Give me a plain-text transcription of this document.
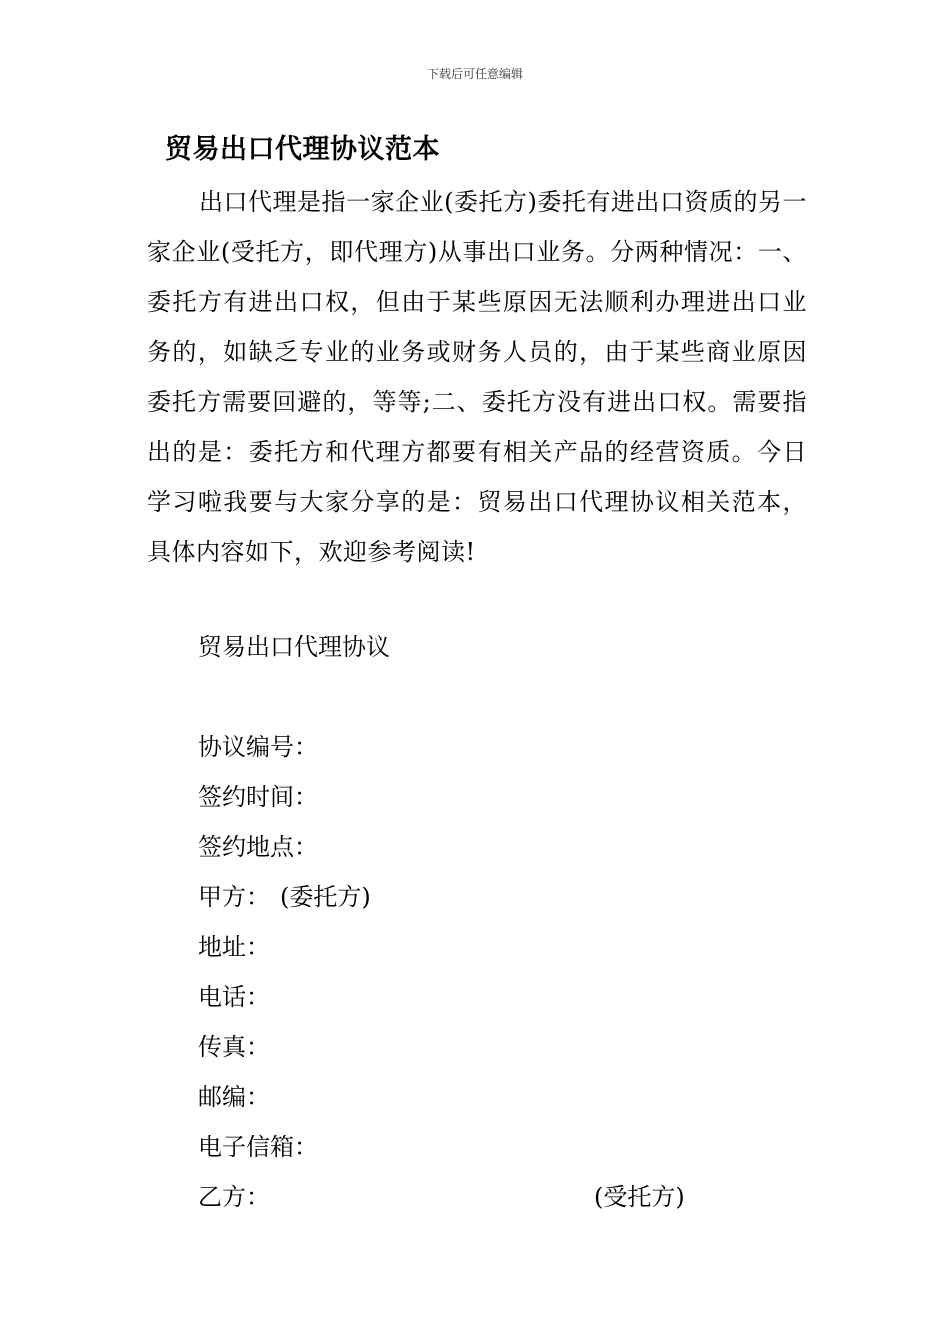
下载后可任意编辑
贸易出口代理协议范本

出口代理是指一家企业(委托方)委托有进出口资质的另一家企业(受托方，即代理方)从事出口业务。分两种情况：一、委托方有进出口权，但由于某些原因无法顺利办理进出口业务的，如缺乏专业的业务或财务人员的，由于某些商业原因委托方需要回避的，等等;二、委托方没有进出口权。需要指出的是：委托方和代理方都要有相关产品的经营资质。今日学习啦我要与大家分享的是：贸易出口代理协议相关范本，具体内容如下，欢迎参考阅读!

贸易出口代理协议
协议编号：
签约时间：
签约地点：
甲方： (委托方)
地址：
电话：
传真：
邮编：
电子信箱：
乙方：	(受托方)
